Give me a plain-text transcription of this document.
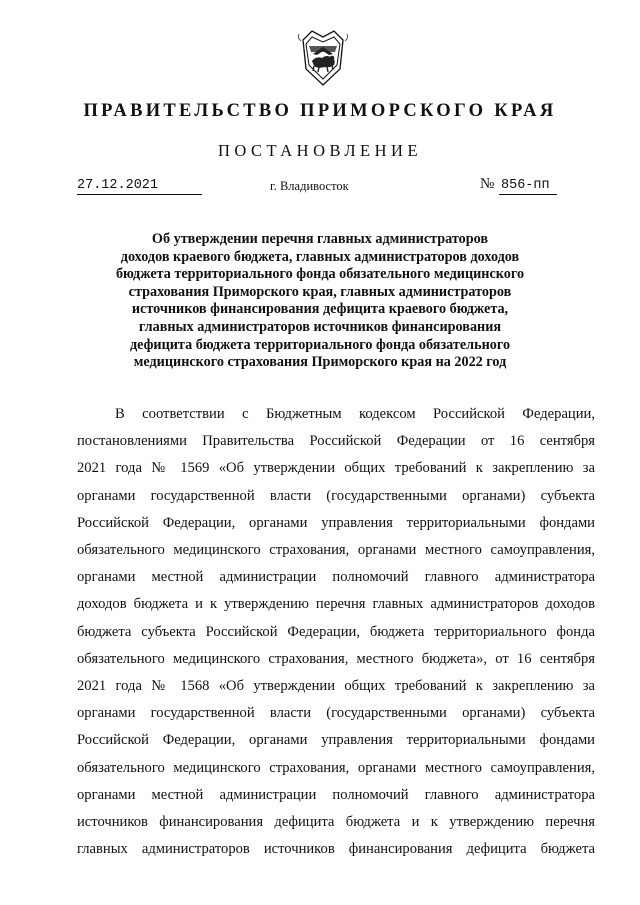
ПРАВИТЕЛЬСТВО ПРИМОРСКОГО КРАЯ
ПОСТАНОВЛЕНИЕ
27.12.2021	г. Владивосток	№ 856-пп
Об утверждении перечня главных администраторов
доходов краевого бюджета, главных администраторов доходов
бюджета территориального фонда обязательного медицинского
страхования Приморского края, главных администраторов
источников финансирования дефицита краевого бюджета,
главных администраторов источников финансирования
дефицита бюджета территориального фонда обязательного
медицинского страхования Приморского края на 2022 год
В соответствии с Бюджетным кодексом Российской Федерации,
постановлениями Правительства Российской Федерации от 16 сентября
2021 года № 1569 «Об утверждении общих требований к закреплению за
органами государственной власти (государственными органами) субъекта
Российской Федерации, органами управления территориальными фондами
обязательного медицинского страхования, органами местного самоуправления,
органами местной администрации полномочий главного администратора
доходов бюджета и к утверждению перечня главных администраторов доходов
бюджета субъекта Российской Федерации, бюджета территориального фонда
обязательного медицинского страхования, местного бюджета», от 16 сентября
2021 года № 1568 «Об утверждении общих требований к закреплению за
органами государственной власти (государственными органами) субъекта
Российской Федерации, органами управления территориальными фондами
обязательного медицинского страхования, органами местного самоуправления,
органами местной администрации полномочий главного администратора
источников финансирования дефицита бюджета и к утверждению перечня
главных администраторов источников финансирования дефицита бюджета
